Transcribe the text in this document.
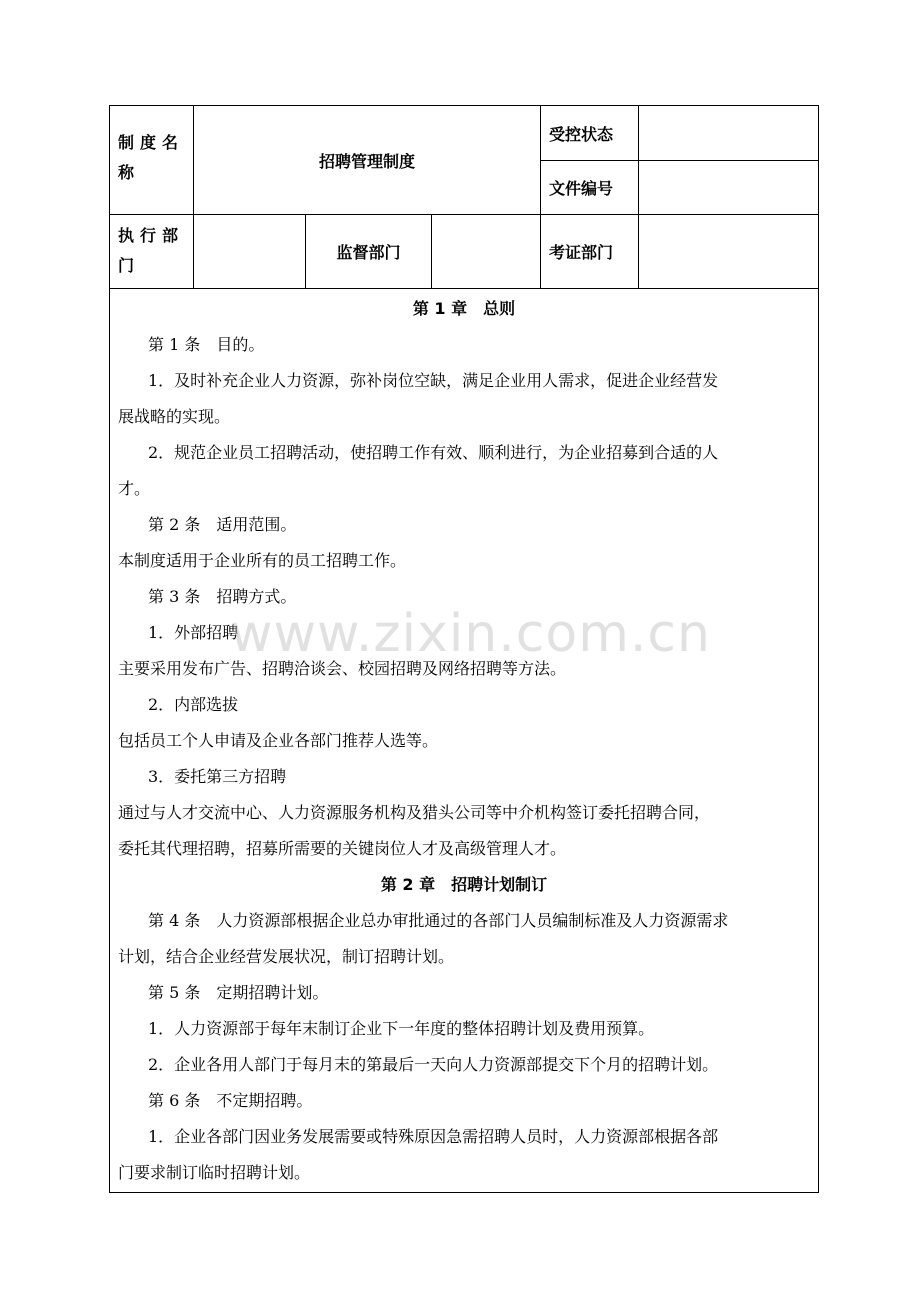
制度名称
招聘管理制度
受控状态
文件编号
执行部门
监督部门	考证部门
第 1 章　总则
第 1 条　目的。
1．及时补充企业人力资源，弥补岗位空缺，满足企业用人需求，促进企业经营发
展战略的实现。
2．规范企业员工招聘活动，使招聘工作有效、顺利进行，为企业招募到合适的人
才。
第 2 条　适用范围。
本制度适用于企业所有的员工招聘工作。
第 3 条　招聘方式。
1．外部招聘
主要采用发布广告、招聘洽谈会、校园招聘及网络招聘等方法。
2．内部选拔
包括员工个人申请及企业各部门推荐人选等。
3．委托第三方招聘
通过与人才交流中心、人力资源服务机构及猎头公司等中介机构签订委托招聘合同，
委托其代理招聘，招募所需要的关键岗位人才及高级管理人才。
第 2 章　招聘计划制订
第 4 条　人力资源部根据企业总办审批通过的各部门人员编制标准及人力资源需求
计划，结合企业经营发展状况，制订招聘计划。
第 5 条　定期招聘计划。
1．人力资源部于每年末制订企业下一年度的整体招聘计划及费用预算。
2．企业各用人部门于每月末的第最后一天向人力资源部提交下个月的招聘计划。
第 6 条　不定期招聘。
1．企业各部门因业务发展需要或特殊原因急需招聘人员时，人力资源部根据各部
门要求制订临时招聘计划。
www.zixin.com.cn
